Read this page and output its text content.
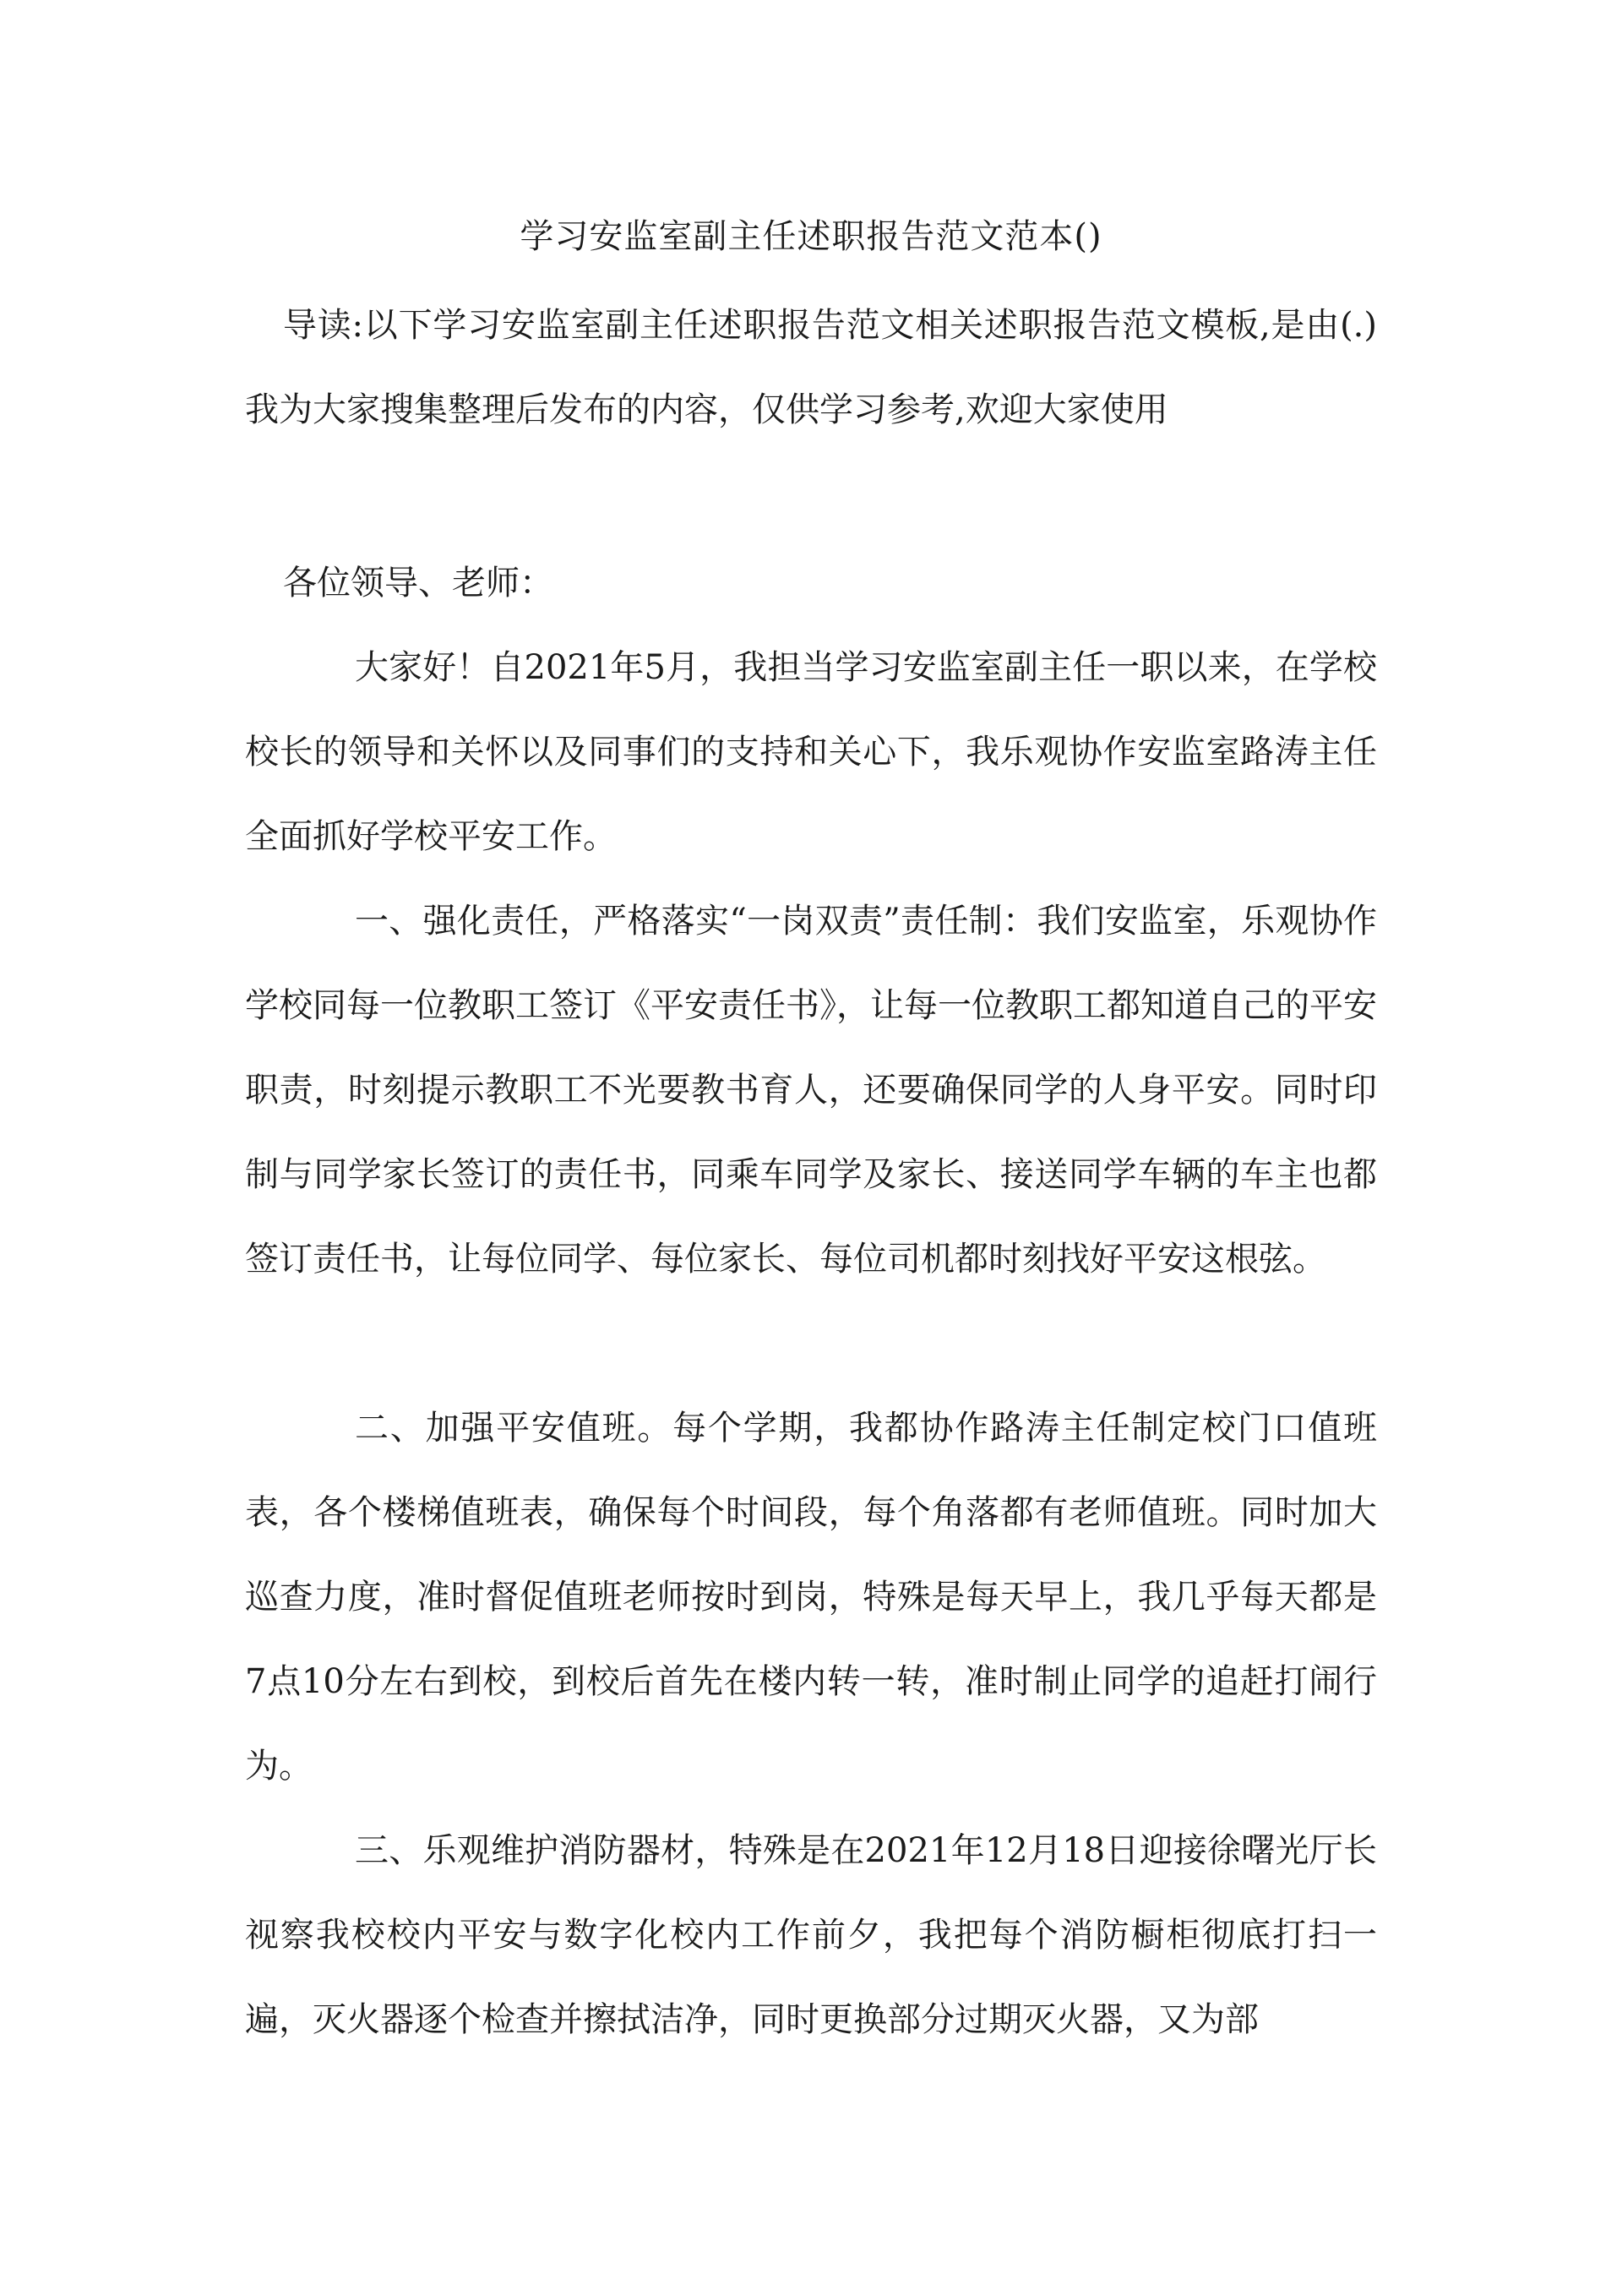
学习安监室副主任述职报告范文范本()

导读:以下学习安监室副主任述职报告范文相关述职报告范文模板,是由(.)我为大家搜集整理后发布的内容，仅供学习参考,欢迎大家使用

各位领导、老师：

大家好！自2021年5月，我担当学习安监室副主任一职以来，在学校校长的领导和关怀以及同事们的支持和关心下，我乐观协作安监室路涛主任全面抓好学校平安工作。

一、强化责任，严格落实“一岗双责”责任制：我们安监室，乐观协作学校同每一位教职工签订《平安责任书》，让每一位教职工都知道自己的平安职责，时刻提示教职工不光要教书育人，还要确保同学的人身平安。同时印制与同学家长签订的责任书，同乘车同学及家长、接送同学车辆的车主也都签订责任书，让每位同学、每位家长、每位司机都时刻找好平安这根弦。

二、加强平安值班。每个学期，我都协作路涛主任制定校门口值班表，各个楼梯值班表，确保每个时间段，每个角落都有老师值班。同时加大巡查力度，准时督促值班老师按时到岗，特殊是每天早上，我几乎每天都是7点10分左右到校，到校后首先在楼内转一转，准时制止同学的追赶打闹行为。

三、乐观维护消防器材，特殊是在2021年12月18日迎接徐曙光厅长视察我校校内平安与数字化校内工作前夕，我把每个消防橱柜彻底打扫一遍，灭火器逐个检查并擦拭洁净，同时更换部分过期灭火器，又为部
